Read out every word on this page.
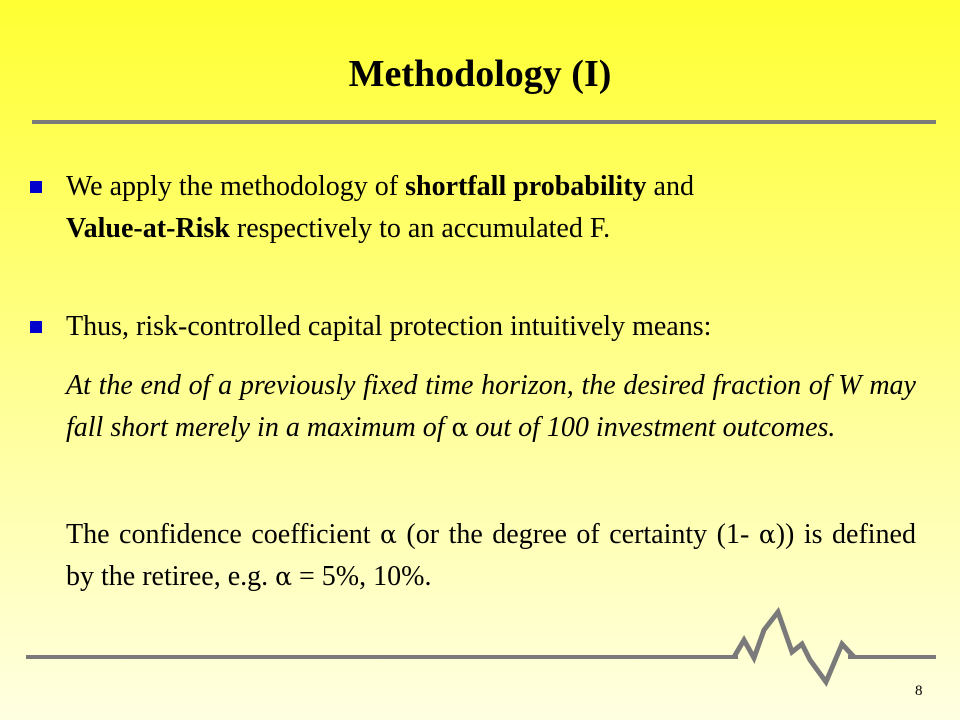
Methodology (I)

We apply the methodology of shortfall probability and
Value-at-Risk respectively to an accumulated F.

Thus, risk-controlled capital protection intuitively means:

At the end of a previously fixed time horizon, the desired fraction of W may fall short merely in a maximum of α out of 100 investment outcomes.

The confidence coefficient α (or the degree of certainty (1- α)) is defined by the retiree, e.g. α = 5%, 10%.

8
